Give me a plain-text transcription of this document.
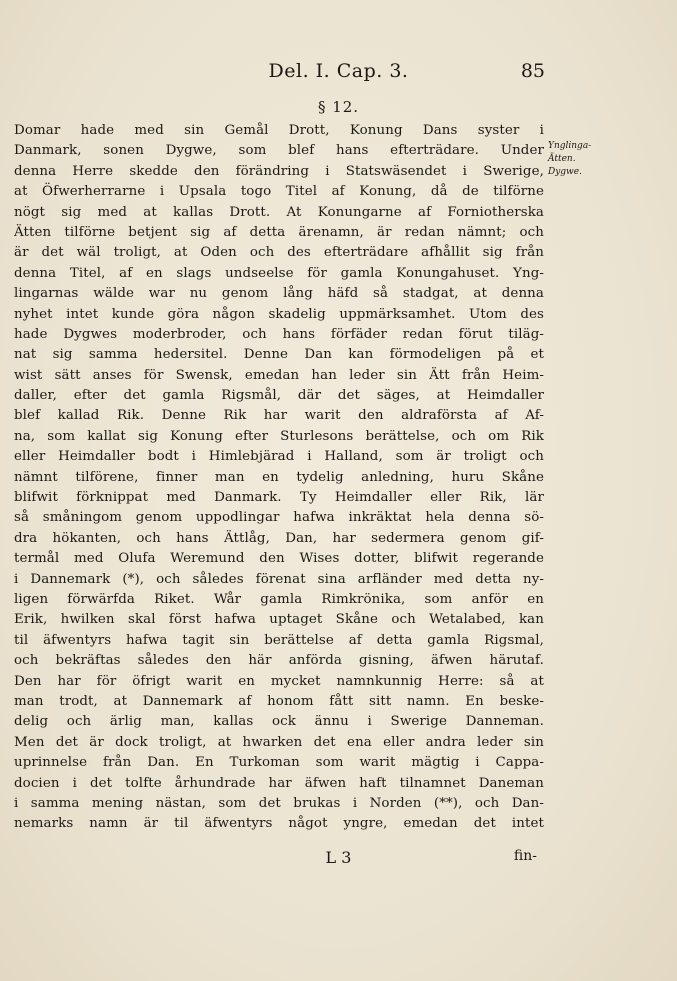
Del. I. Cap. 3.	85
§ 12.
Domar hade med sin Gemål Drott, Konung Dans syster i
Danmark, sonen Dygwe, som blef hans efterträdare. Under
denna Herre skedde den förändring i Statswäsendet i Swerige,
at Öfwerherrarne i Upsala togo Titel af Konung, då de tilförne
nögt sig med at kallas Drott. At Konungarne af Forniotherska
Ätten tilförne betjent sig af detta ärenamn, är redan nämnt; och
är det wäl troligt, at Oden och des efterträdare afhållit sig från
denna Titel, af en slags undseelse för gamla Konungahuset. Yng-
lingarnas wälde war nu genom lång häfd så stadgat, at denna
nyhet intet kunde göra någon skadelig uppmärksamhet. Utom des
hade Dygwes moderbroder, och hans förfäder redan förut tiläg-
nat sig samma hedersitel. Denne Dan kan förmodeligen på et
wist sätt anses för Swensk, emedan han leder sin Ätt från Heim-
daller, efter det gamla Rigsmål, där det säges, at Heimdaller
blef kallad Rik. Denne Rik har warit den aldraförsta af Af-
na, som kallat sig Konung efter Sturlesons berättelse, och om Rik
eller Heimdaller bodt i Himlebjärad i Halland, som är troligt och
nämnt tilförene, finner man en tydelig anledning, huru Skåne
blifwit förknippat med Danmark. Ty Heimdaller eller Rik, lär
så småningom genom uppodlingar hafwa inkräktat hela denna sö-
dra hökanten, och hans Ättlåg, Dan, har sedermera genom gif-
termål med Olufa Weremund den Wises dotter, blifwit regerande
i Dannemark (*), och således förenat sina arfländer med detta ny-
ligen förwärfda Riket. Wår gamla Rimkrönika, som anför en
Erik, hwilken skal först hafwa uptaget Skåne och Wetalabed, kan
til äfwentyrs hafwa tagit sin berättelse af detta gamla Rigsmal,
och bekräftas således den här anförda gisning, äfwen härutaf.
Den har för öfrigt warit en mycket namnkunnig Herre: så at
man trodt, at Dannemark af honom fått sitt namn. En beske-
delig och ärlig man, kallas ock ännu i Swerige Danneman.
Men det är dock troligt, at hwarken det ena eller andra leder sin
uprinnelse från Dan. En Turkoman som warit mägtig i Cappa-
docien i det tolfte århundrade har äfwen haft tilnamnet Daneman
i samma mening nästan, som det brukas i Norden (**), och Dan-
nemarks namn är til äfwentyrs något yngre, emedan det intet
Ynglinga-
Ätten.
Dygwe.
L 3	fin-
